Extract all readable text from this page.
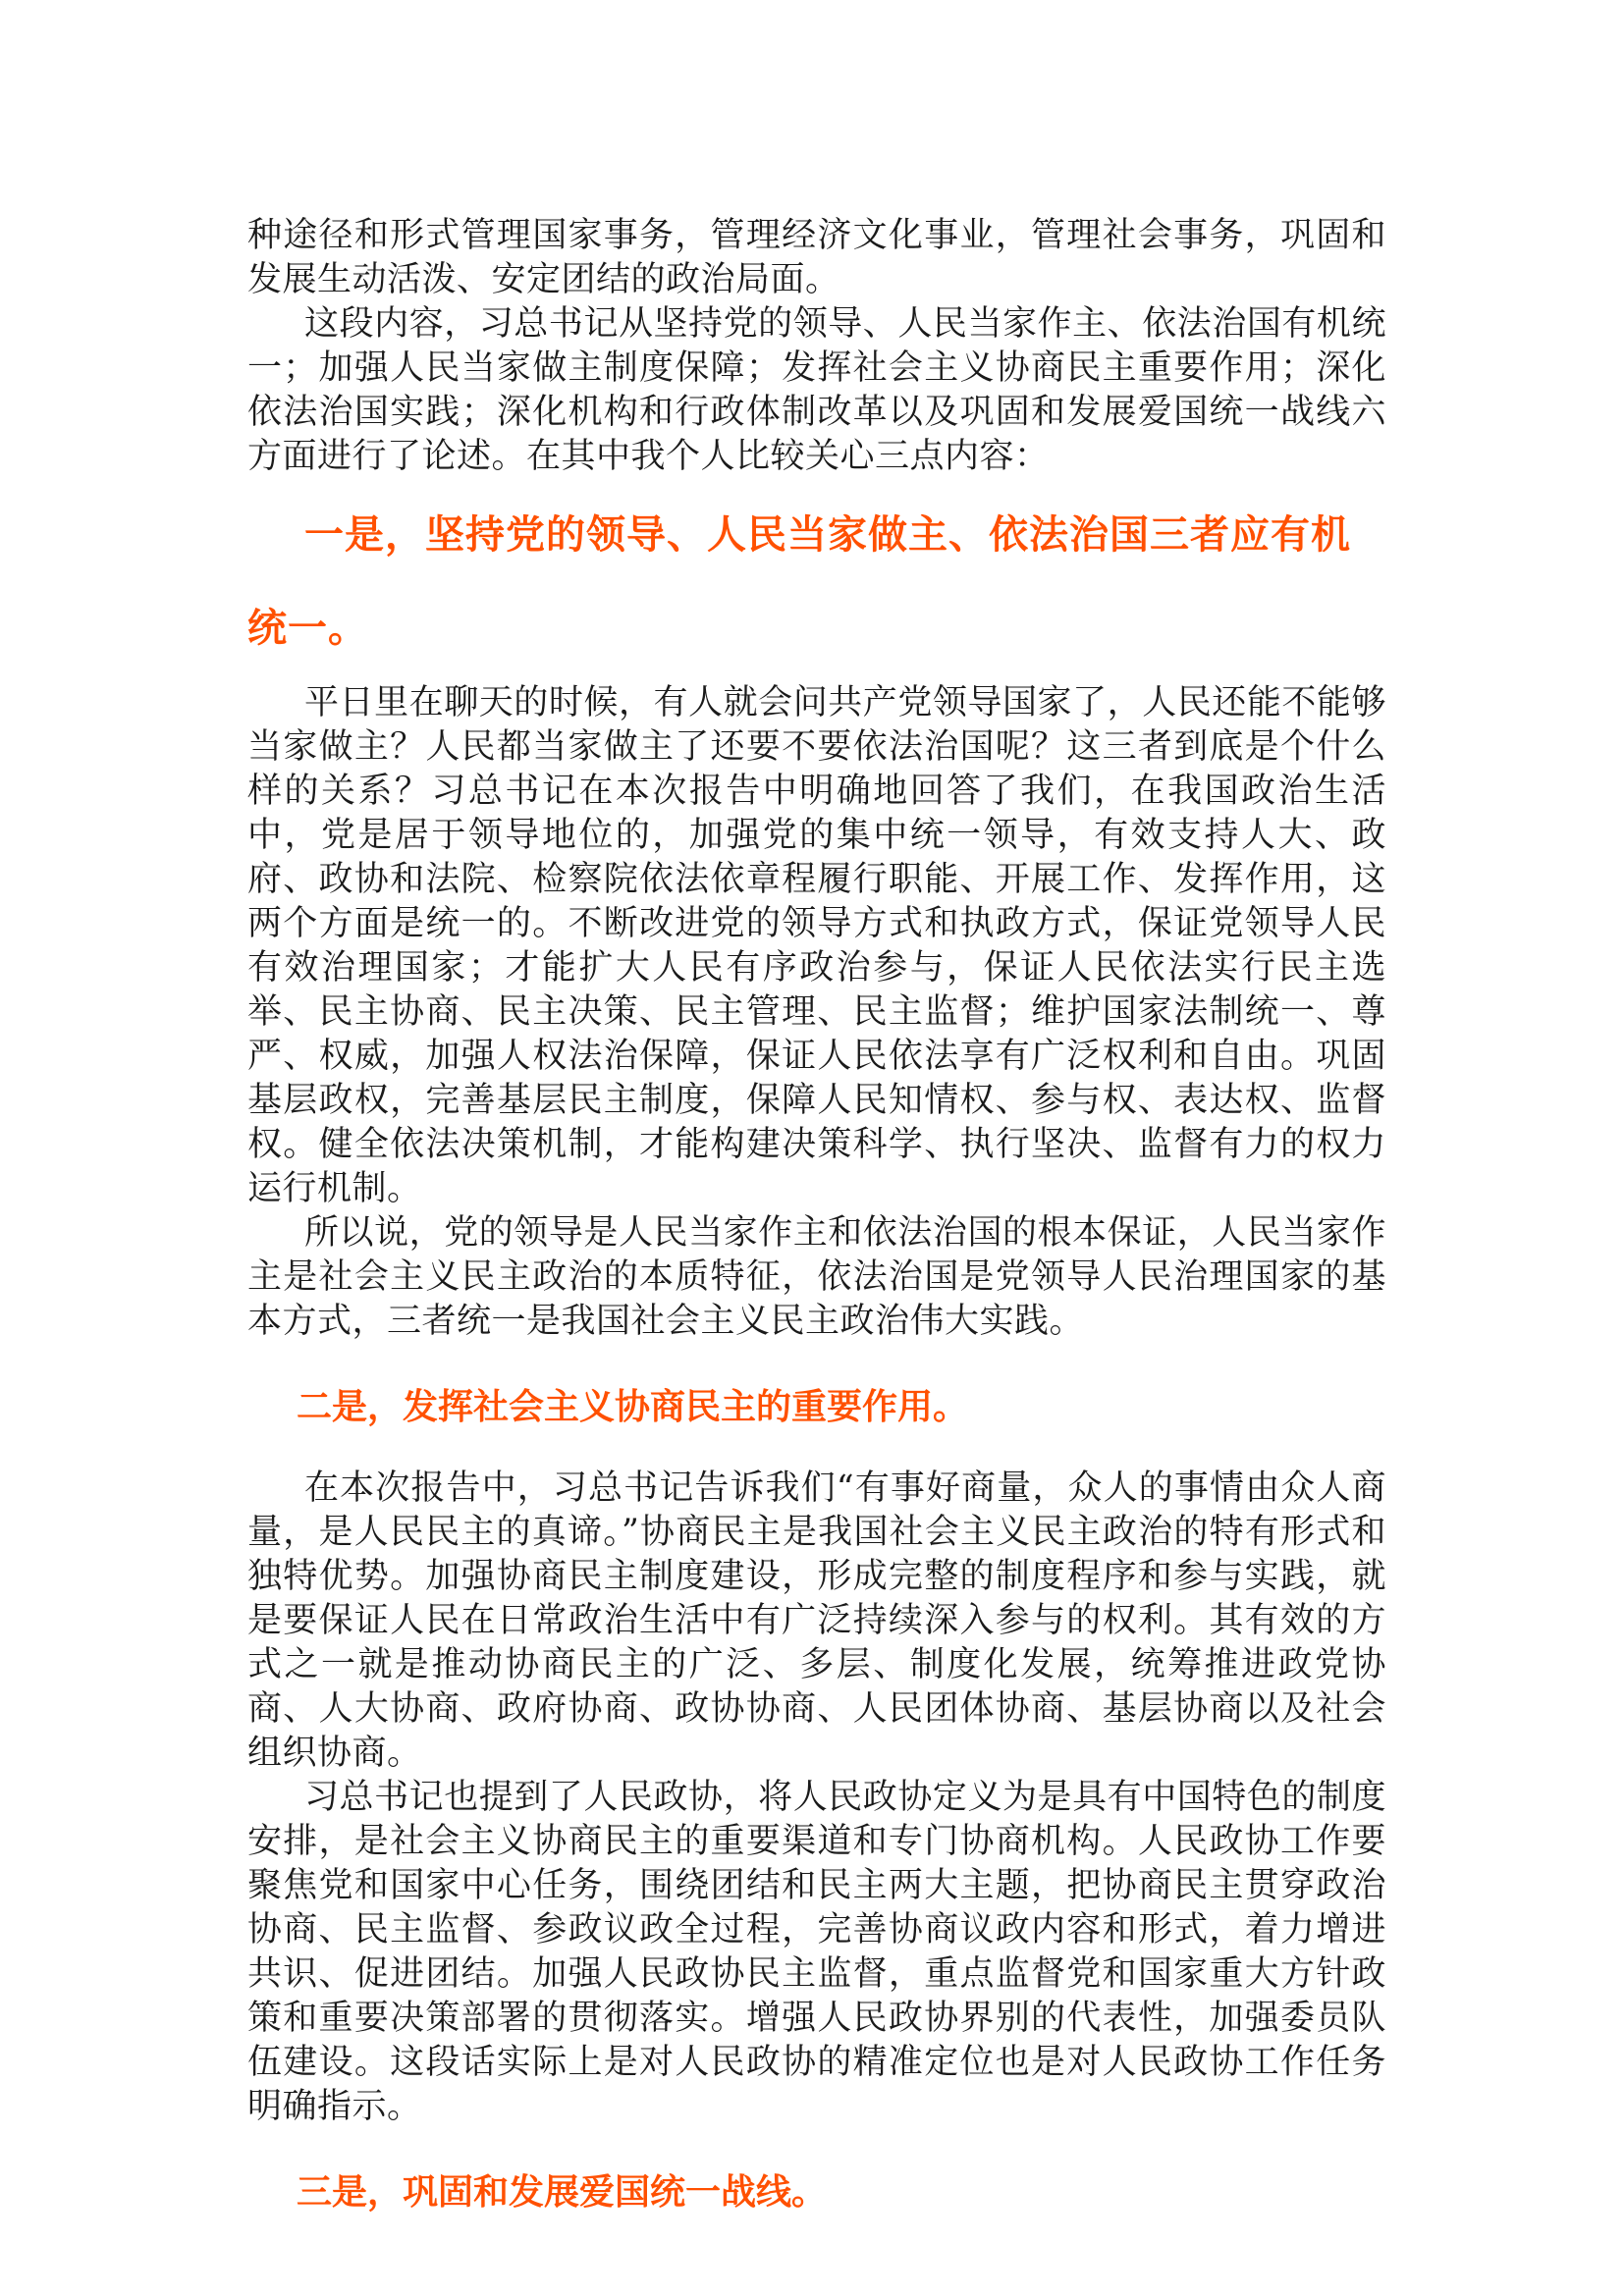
种途径和形式管理国家事务，管理经济文化事业，管理社会事务，巩固和发展生动活泼、安定团结的政治局面。

这段内容，习总书记从坚持党的领导、人民当家作主、依法治国有机统一；加强人民当家做主制度保障；发挥社会主义协商民主重要作用；深化依法治国实践；深化机构和行政体制改革以及巩固和发展爱国统一战线六方面进行了论述。在其中我个人比较关心三点内容：

一是，坚持党的领导、人民当家做主、依法治国三者应有机统一。

平日里在聊天的时候，有人就会问共产党领导国家了，人民还能不能够当家做主？人民都当家做主了还要不要依法治国呢？这三者到底是个什么样的关系？习总书记在本次报告中明确地回答了我们，在我国政治生活中，党是居于领导地位的，加强党的集中统一领导，有效支持人大、政府、政协和法院、检察院依法依章程履行职能、开展工作、发挥作用，这两个方面是统一的。不断改进党的领导方式和执政方式，保证党领导人民有效治理国家；才能扩大人民有序政治参与，保证人民依法实行民主选举、民主协商、民主决策、民主管理、民主监督；维护国家法制统一、尊严、权威，加强人权法治保障，保证人民依法享有广泛权利和自由。巩固基层政权，完善基层民主制度，保障人民知情权、参与权、表达权、监督权。健全依法决策机制，才能构建决策科学、执行坚决、监督有力的权力运行机制。

所以说，党的领导是人民当家作主和依法治国的根本保证，人民当家作主是社会主义民主政治的本质特征，依法治国是党领导人民治理国家的基本方式，三者统一是我国社会主义民主政治伟大实践。

二是，发挥社会主义协商民主的重要作用。

在本次报告中，习总书记告诉我们“有事好商量，众人的事情由众人商量，是人民民主的真谛。”协商民主是我国社会主义民主政治的特有形式和独特优势。加强协商民主制度建设，形成完整的制度程序和参与实践，就是要保证人民在日常政治生活中有广泛持续深入参与的权利。其有效的方式之一就是推动协商民主的广泛、多层、制度化发展，统筹推进政党协商、人大协商、政府协商、政协协商、人民团体协商、基层协商以及社会组织协商。

习总书记也提到了人民政协，将人民政协定义为是具有中国特色的制度安排，是社会主义协商民主的重要渠道和专门协商机构。人民政协工作要聚焦党和国家中心任务，围绕团结和民主两大主题，把协商民主贯穿政治协商、民主监督、参政议政全过程，完善协商议政内容和形式，着力增进共识、促进团结。加强人民政协民主监督，重点监督党和国家重大方针政策和重要决策部署的贯彻落实。增强人民政协界别的代表性，加强委员队伍建设。这段话实际上是对人民政协的精准定位也是对人民政协工作任务明确指示。

三是，巩固和发展爱国统一战线。
